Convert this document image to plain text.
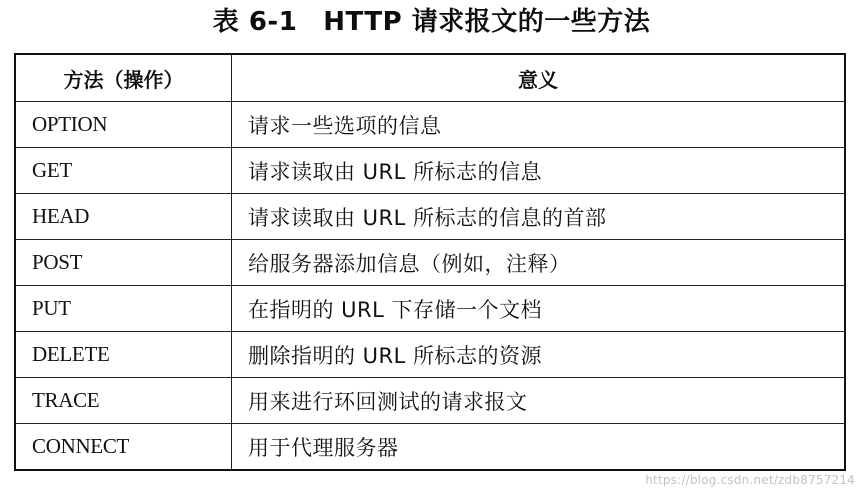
表 6-1 HTTP 请求报文的一些方法
方法（操作）	意义
OPTION	请求一些选项的信息
GET	请求读取由 URL 所标志的信息
HEAD	请求读取由 URL 所标志的信息的首部
POST	给服务器添加信息（例如，注释）
PUT	在指明的 URL 下存储一个文档
DELETE	删除指明的 URL 所标志的资源
TRACE	用来进行环回测试的请求报文
CONNECT	用于代理服务器
https://blog.csdn.net/zdb8757214
